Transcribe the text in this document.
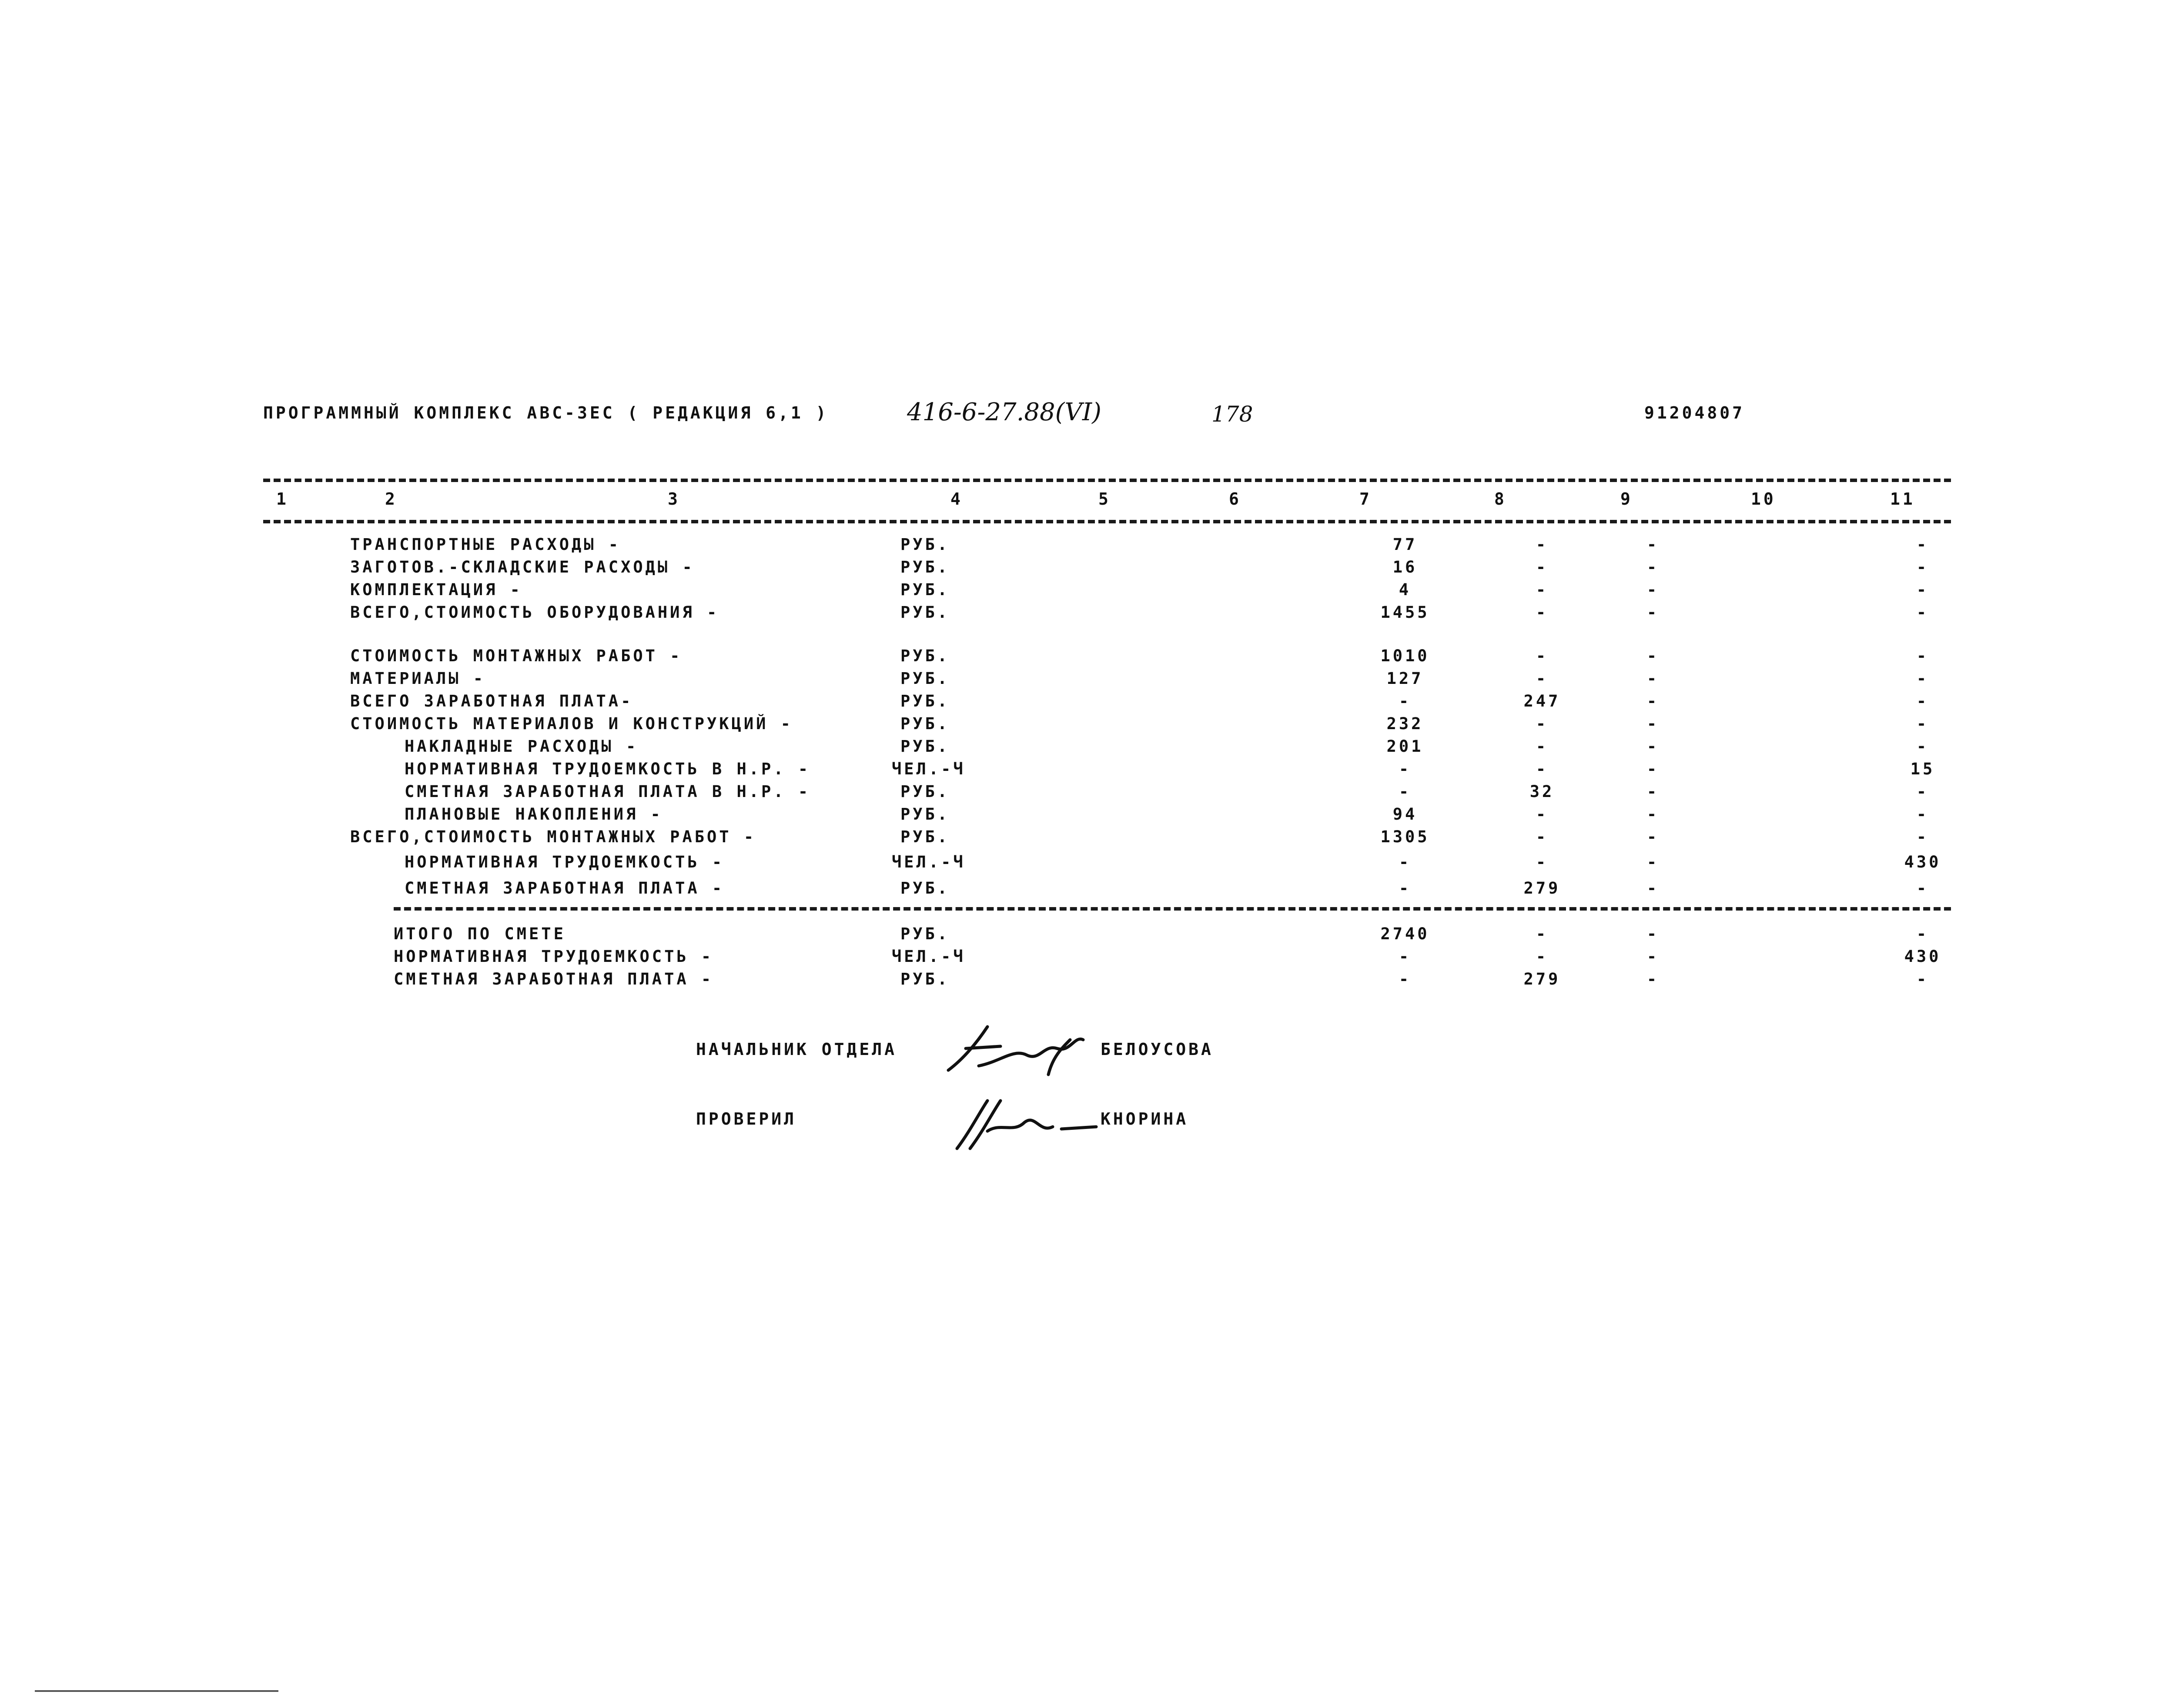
ПРОГРАММНЫЙ КОМПЛЕКС АВС-3ЕС ( РЕДАКЦИЯ 6,1 )	416-6-27.88(VI)	178	91204807
1	2	3	4	5	6	7	8	9	10	11
ТРАНСПОРТНЫЕ РАСХОДЫ -	РУБ.	77	-	-	-
ЗАГОТОВ.-СКЛАДСКИЕ РАСХОДЫ -	РУБ.	16	-	-	-
КОМПЛЕКТАЦИЯ -	РУБ.	4	-	-	-
ВСЕГО,СТОИМОСТЬ ОБОРУДОВАНИЯ -	РУБ.	1455	-	-	-
СТОИМОСТЬ МОНТАЖНЫХ РАБОТ -	РУБ.	1010	-	-	-
МАТЕРИАЛЫ -	РУБ.	127	-	-	-
ВСЕГО ЗАРАБОТНАЯ ПЛАТА-	РУБ.	-	247	-	-
СТОИМОСТЬ МАТЕРИАЛОВ И КОНСТРУКЦИЙ -	РУБ.	232	-	-	-
НАКЛАДНЫЕ РАСХОДЫ -	РУБ.	201	-	-	-
НОРМАТИВНАЯ ТРУДОЕМКОСТЬ В Н.Р. -	ЧЕЛ.-Ч	-	-	-	15
СМЕТНАЯ ЗАРАБОТНАЯ ПЛАТА В Н.Р. -	РУБ.	-	32	-	-
ПЛАНОВЫЕ НАКОПЛЕНИЯ -	РУБ.	94	-	-	-
ВСЕГО,СТОИМОСТЬ МОНТАЖНЫХ РАБОТ -	РУБ.	1305	-	-	-
НОРМАТИВНАЯ ТРУДОЕМКОСТЬ -	ЧЕЛ.-Ч	-	-	-	430
СМЕТНАЯ ЗАРАБОТНАЯ ПЛАТА -	РУБ.	-	279	-	-
ИТОГО ПО СМЕТЕ	РУБ.	2740	-	-	-
НОРМАТИВНАЯ ТРУДОЕМКОСТЬ -	ЧЕЛ.-Ч	-	-	-	430
СМЕТНАЯ ЗАРАБОТНАЯ ПЛАТА -	РУБ.	-	279	-	-
НАЧАЛЬНИК ОТДЕЛА	БЕЛОУСОВА
ПРОВЕРИЛ	КНОРИНА
